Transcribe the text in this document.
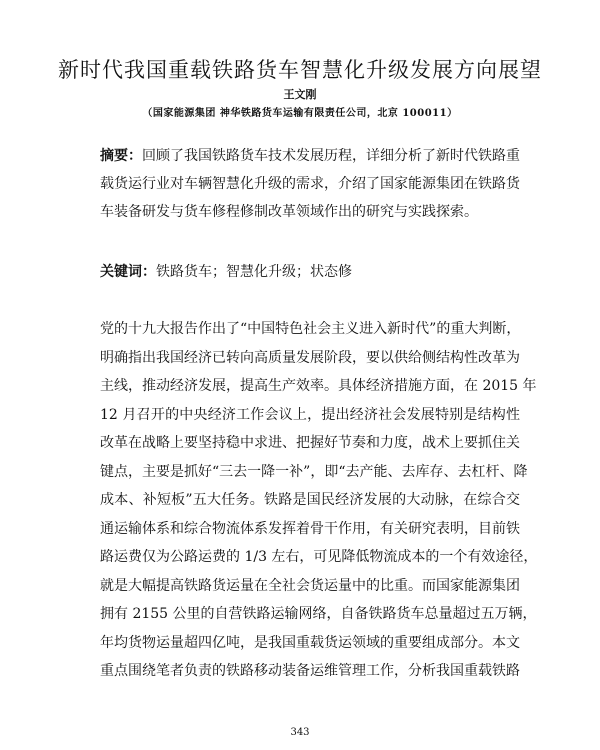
新时代我国重载铁路货车智慧化升级发展方向展望
王文刚
（国家能源集团 神华铁路货车运输有限责任公司，北京 100011）
摘要：回顾了我国铁路货车技术发展历程，详细分析了新时代铁路重
载货运行业对车辆智慧化升级的需求，介绍了国家能源集团在铁路货
车装备研发与货车修程修制改革领域作出的研究与实践探索。
关键词：铁路货车；智慧化升级；状态修
党的十九大报告作出了“中国特色社会主义进入新时代”的重大判断，
明确指出我国经济已转向高质量发展阶段，要以供给侧结构性改革为
主线，推动经济发展，提高生产效率。具体经济措施方面，在 2015 年
12 月召开的中央经济工作会议上，提出经济社会发展特别是结构性
改革在战略上要坚持稳中求进、把握好节奏和力度，战术上要抓住关
键点，主要是抓好“三去一降一补”，即“去产能、去库存、去杠杆、降
成本、补短板”五大任务。铁路是国民经济发展的大动脉，在综合交
通运输体系和综合物流体系发挥着骨干作用，有关研究表明，目前铁
路运费仅为公路运费的 1/3 左右，可见降低物流成本的一个有效途径，
就是大幅提高铁路货运量在全社会货运量中的比重。而国家能源集团
拥有 2155 公里的自营铁路运输网络，自备铁路货车总量超过五万辆，
年均货物运量超四亿吨，是我国重载货运领域的重要组成部分。本文
重点围绕笔者负责的铁路移动装备运维管理工作，分析我国重载铁路
343
